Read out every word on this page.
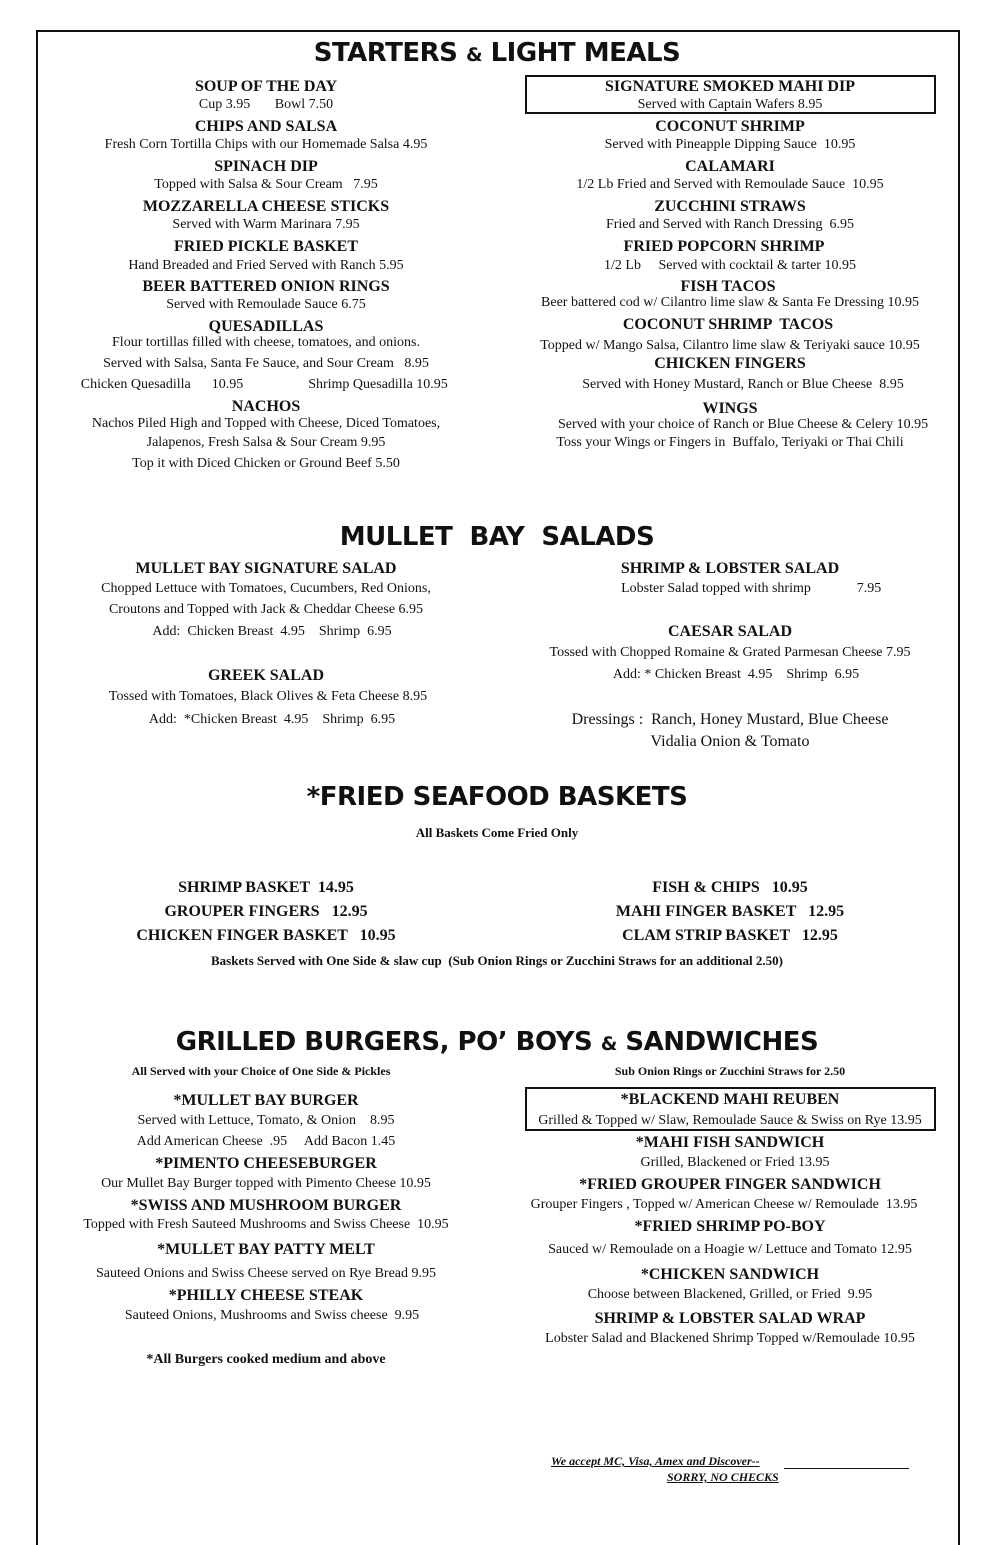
STARTERS & LIGHT MEALS
SOUP OF THE DAY
Cup 3.95       Bowl 7.50
CHIPS AND SALSA
Fresh Corn Tortilla Chips with our Homemade Salsa 4.95
SPINACH DIP
Topped with Salsa & Sour Cream   7.95
MOZZARELLA CHEESE STICKS
Served with Warm Marinara 7.95
FRIED PICKLE BASKET
Hand Breaded and Fried Served with Ranch 5.95
BEER BATTERED ONION RINGS
Served with Remoulade Sauce 6.75
QUESADILLAS
Flour tortillas filled with cheese, tomatoes, and onions.
Served with Salsa, Santa Fe Sauce, and Sour Cream   8.95
Chicken Quesadilla      10.95	Shrimp Quesadilla 10.95
NACHOS
Nachos Piled High and Topped with Cheese, Diced Tomatoes,
Jalapenos, Fresh Salsa & Sour Cream 9.95
Top it with Diced Chicken or Ground Beef 5.50
SIGNATURE SMOKED MAHI DIP
Served with Captain Wafers 8.95
COCONUT SHRIMP
Served with Pineapple Dipping Sauce  10.95
CALAMARI
1/2 Lb Fried and Served with Remoulade Sauce  10.95
ZUCCHINI STRAWS
Fried and Served with Ranch Dressing  6.95
FRIED POPCORN SHRIMP
1/2 Lb     Served with cocktail & tarter 10.95
FISH TACOS
Beer battered cod w/ Cilantro lime slaw & Santa Fe Dressing 10.95
COCONUT SHRIMP  TACOS
Topped w/ Mango Salsa, Cilantro lime slaw & Teriyaki sauce 10.95
CHICKEN FINGERS
Served with Honey Mustard, Ranch or Blue Cheese  8.95
WINGS
Served with your choice of Ranch or Blue Cheese & Celery 10.95
Toss your Wings or Fingers in  Buffalo, Teriyaki or Thai Chili
MULLET  BAY  SALADS
MULLET BAY SIGNATURE SALAD
Chopped Lettuce with Tomatoes, Cucumbers, Red Onions,
Croutons and Topped with Jack & Cheddar Cheese 6.95
Add:  Chicken Breast  4.95    Shrimp  6.95
GREEK SALAD
Tossed with Tomatoes, Black Olives & Feta Cheese 8.95
Add:  *Chicken Breast  4.95    Shrimp  6.95
SHRIMP & LOBSTER SALAD
Lobster Salad topped with shrimp	7.95
CAESAR SALAD
Tossed with Chopped Romaine & Grated Parmesan Cheese 7.95
Add: * Chicken Breast  4.95    Shrimp  6.95
Dressings :  Ranch, Honey Mustard, Blue Cheese
Vidalia Onion & Tomato
*FRIED SEAFOOD BASKETS
All Baskets Come Fried Only
SHRIMP BASKET  14.95
GROUPER FINGERS   12.95
CHICKEN FINGER BASKET   10.95
FISH & CHIPS   10.95
MAHI FINGER BASKET   12.95
CLAM STRIP BASKET   12.95
Baskets Served with One Side & slaw cup  (Sub Onion Rings or Zucchini Straws for an additional 2.50)
GRILLED BURGERS, PO’ BOYS & SANDWICHES
All Served with your Choice of One Side & Pickles	Sub Onion Rings or Zucchini Straws for 2.50
*MULLET BAY BURGER
Served with Lettuce, Tomato, & Onion    8.95
Add American Cheese  .95     Add Bacon 1.45
*PIMENTO CHEESEBURGER
Our Mullet Bay Burger topped with Pimento Cheese 10.95
*SWISS AND MUSHROOM BURGER
Topped with Fresh Sauteed Mushrooms and Swiss Cheese  10.95
*MULLET BAY PATTY MELT
Sauteed Onions and Swiss Cheese served on Rye Bread 9.95
*PHILLY CHEESE STEAK
Sauteed Onions, Mushrooms and Swiss cheese  9.95
*All Burgers cooked medium and above
*BLACKEND MAHI REUBEN
Grilled & Topped w/ Slaw, Remoulade Sauce & Swiss on Rye 13.95
*MAHI FISH SANDWICH
Grilled, Blackened or Fried 13.95
*FRIED GROUPER FINGER SANDWICH
Grouper Fingers , Topped w/ American Cheese w/ Remoulade  13.95
*FRIED SHRIMP PO-BOY
Sauced w/ Remoulade on a Hoagie w/ Lettuce and Tomato 12.95
*CHICKEN SANDWICH
Choose between Blackened, Grilled, or Fried  9.95
SHRIMP & LOBSTER SALAD WRAP
Lobster Salad and Blackened Shrimp Topped w/Remoulade 10.95
We accept MC, Visa, Amex and Discover--
SORRY, NO CHECKS
